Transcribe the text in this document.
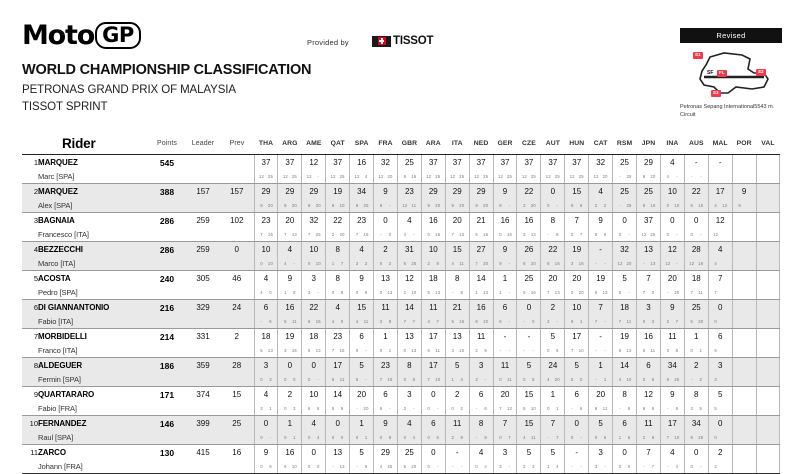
Moto GP	Provided by	TISSOT
WORLD CHAMPIONSHIP CLASSIFICATION
PETRONAS GRAND PRIX OF MALAYSIA
TISSOT SPRINT
Revised
S1
S2
S3
SF	FL
Petronas Sepang International5543 m. Circuit
	Rider	Points	Leader	Prev	THA	ARG	AME	QAT	SPA	FRA	GBR	ARA	ITA	NED	GER	CZE	AUT	HUN	CAT	RSM	JPN	INA	AUS	MAL	POR	VAL
1	MARQUEZ	545			37	37	12	37	16	32	25	37	37	37	37	37	37	37	32	25	29	4	-	-		
	Marc [SPA]				12 25	12 25	12 -	12 25	12 4	12 20	9 16	12 25	12 25	12 25	12 25	12 25	12 25	12 25	12 20	- 25	9 20	4 -	- -			
2	MARQUEZ	388	157	157	29	29	29	19	34	9	23	29	29	29	9	22	0	15	4	25	25	10	22	17	9	
	Alex [SPA]				9 20	9 20	9 20	9 10	9 25	9 -	12 11	9 20	9 20	9 20	9 -	2 20	0 -	9 6	2 2	- 25	9 16	0 10	6 16	4 13	9	
3	BAGNAIA	286	259	102	23	20	32	22	23	0	4	16	20	21	16	16	8	7	9	0	37	0	0	12		
	Francesco [ITA]				7 16	7 13	7 25	2 20	7 16	- 0	4 -	0 16	7 13	5 16	0 16	3 13	- 8	0 7	0 9	0 -	12 25	0 -	0 -	12		
4	BEZZECCHI	286	259	0	10	4	10	8	4	2	31	10	15	27	9	26	22	19	-	32	13	12	28	4		
	Marco [ITA]				0 10	4 -	0 10	1 7	2 2	0 2	6 25	2 8	4 11	7 20	9 -	6 20	6 16	3 16	- -	12 20	- 13	12 -	12 16	4		
5	ACOSTA	240	305	46	4	9	3	8	9	13	12	18	8	14	1	25	20	20	19	5	7	20	18	7		
	Pedro [SPA]				4 0	1 8	3 -	0 8	0 9	0 13	2 10	5 13	- 8	1 13	1 -	9 16	7 13	0 20	6 13	5 -	7 0	- 20	7 11	7		
6	DI GIANNANTONIO	216	329	24	6	16	22	4	15	11	14	11	21	16	6	0	2	10	7	18	3	9	25	0		
	Fabio [ITA]				- 6	5 11	6 16	4 0	4 11	3 8	7 7	4 7	5 16	6 10	6 -	- 0	2 -	9 1	7 -	7 11	0 3	2 7	5 20	0		
7	MORBIDELLI	214	331	2	18	19	18	23	6	1	13	17	13	11	-	-	5	17	-	19	16	11	1	6		
	Franco [ITA]				5 13	3 16	5 13	7 16	0 -	0 1	0 13	6 11	3 10	2 9	- -	- -	0 5	7 10	- -	6 13	5 11	3 8	0 1	6		
8	ALDEGUER	186	359	28	3	0	0	17	5	23	8	17	5	3	11	5	24	5	1	14	6	34	2	3		
	Fermin [SPA]				0 3	0 0	0 -	6 11	5 -	7 16	0 8	7 10	1 4	3 -	0 11	0 5	4 20	5 0	- 1	4 10	0 6	9 25	- 2	3		
9	QUARTARARO	171	374	15	4	2	10	14	20	6	3	0	2	6	20	15	1	6	20	8	12	9	8	5		
	Fabio [FRA]				3 1	0 3	6 6	5 9	- 20	6 -	3 -	0 -	0 2	- 6	7 13	5 10	0 1	- 6	9 11	- 8	6 8	- 9	3 5	5		
10	FERNANDEZ	146	399	25	0	1	4	0	1	9	4	6	11	8	7	15	7	0	5	6	11	17	34	0		
	Raul [SPA]				0 -	0 1	0 4	0 0	0 1	0 9	0 4	0 6	2 9	- 8	0 7	4 11	- 7	0 -	0 5	1 5	2 9	7 10	9 25	0		
11	ZARCO	130	415	16	9	16	0	13	5	29	25	0	-	4	3	5	5	-	3	0	7	4	0	2		
	Johann [FRA]				0 9	6 10	0 0	- 13	- 5	4 25	5 20	0 -	- -	0 4	3 -	2 3	1 4	- -	3 -	0 0	- 7	- 4	0 -	2		
